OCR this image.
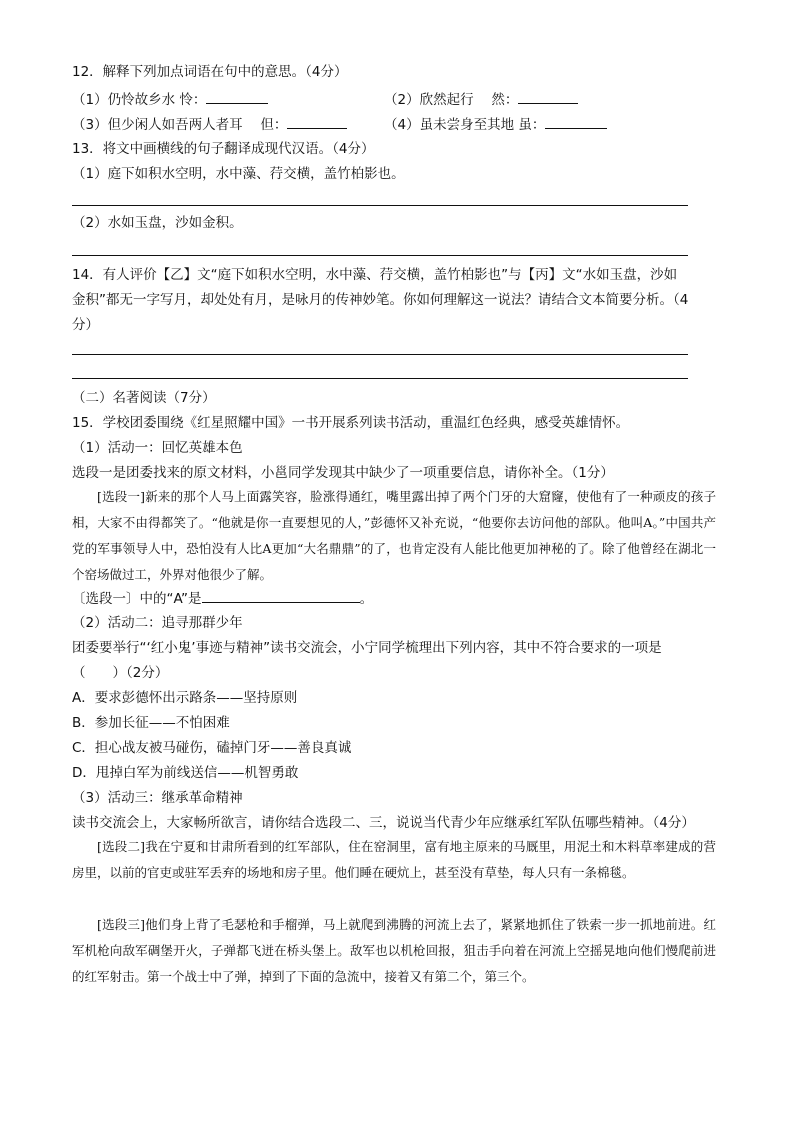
12．解释下列加点词语在句中的意思。（4分）
（1）仍怜故乡水 怜：	（2）欣然起行　 然：
（3）但少闲人如吾两人者耳　 但：	（4）虽未尝身至其地 虽：
13．将文中画横线的句子翻译成现代汉语。（4分）
（1）庭下如积水空明，水中藻、荇交横，盖竹柏影也。
（2）水如玉盘，沙如金积。
14．有人评价【乙】文“庭下如积水空明，水中藻、荇交横，盖竹柏影也”与【丙】文“水如玉盘，沙如
金积”都无一字写月，却处处有月，是咏月的传神妙笔。你如何理解这一说法？请结合文本简要分析。（4
分）
（二）名著阅读（7分）
15．学校团委围绕《红星照耀中国》一书开展系列读书活动，重温红色经典，感受英雄情怀。
（1）活动一：回忆英雄本色
选段一是团委找来的原文材料，小邕同学发现其中缺少了一项重要信息，请你补全。（1分）

[选段一]新来的那个人马上面露笑容，脸涨得通红，嘴里露出掉了两个门牙的大窟窿，使他有了一种顽皮的孩子相，大家不由得都笑了。“他就是你一直要想见的人，”彭德怀又补充说，“他要你去访问他的部队。他叫A。”中国共产党的军事领导人中，恐怕没有人比A更加“大名鼎鼎”的了，也肯定没有人能比他更加神秘的了。除了他曾经在湖北一个窑场做过工，外界对他很少了解。

〔选段一〕中的“A”是	。
（2）活动二：追寻那群少年
团委要举行“‘红小鬼’事迹与精神”读书交流会，小宁同学梳理出下列内容，其中不符合要求的一项是
（　　）（2分）
A．要求彭德怀出示路条——坚持原则
B．参加长征——不怕困难
C．担心战友被马碰伤，磕掉门牙——善良真诚
D．甩掉白军为前线送信——机智勇敢
（3）活动三：继承革命精神
读书交流会上，大家畅所欲言，请你结合选段二、三，说说当代青少年应继承红军队伍哪些精神。（4分）

[选段二]我在宁夏和甘肃所看到的红军部队，住在窑洞里，富有地主原来的马厩里，用泥土和木料草率建成的营房里，以前的官吏或驻军丢弃的场地和房子里。他们睡在硬炕上，甚至没有草垫，每人只有一条棉毯。

[选段三]他们身上背了毛瑟枪和手榴弹，马上就爬到沸腾的河流上去了，紧紧地抓住了铁索一步一抓地前进。红军机枪向敌军碉堡开火，子弹都飞迸在桥头堡上。敌军也以机枪回报，狙击手向着在河流上空摇晃地向他们慢爬前进的红军射击。第一个战士中了弹，掉到了下面的急流中，接着又有第二个，第三个。
